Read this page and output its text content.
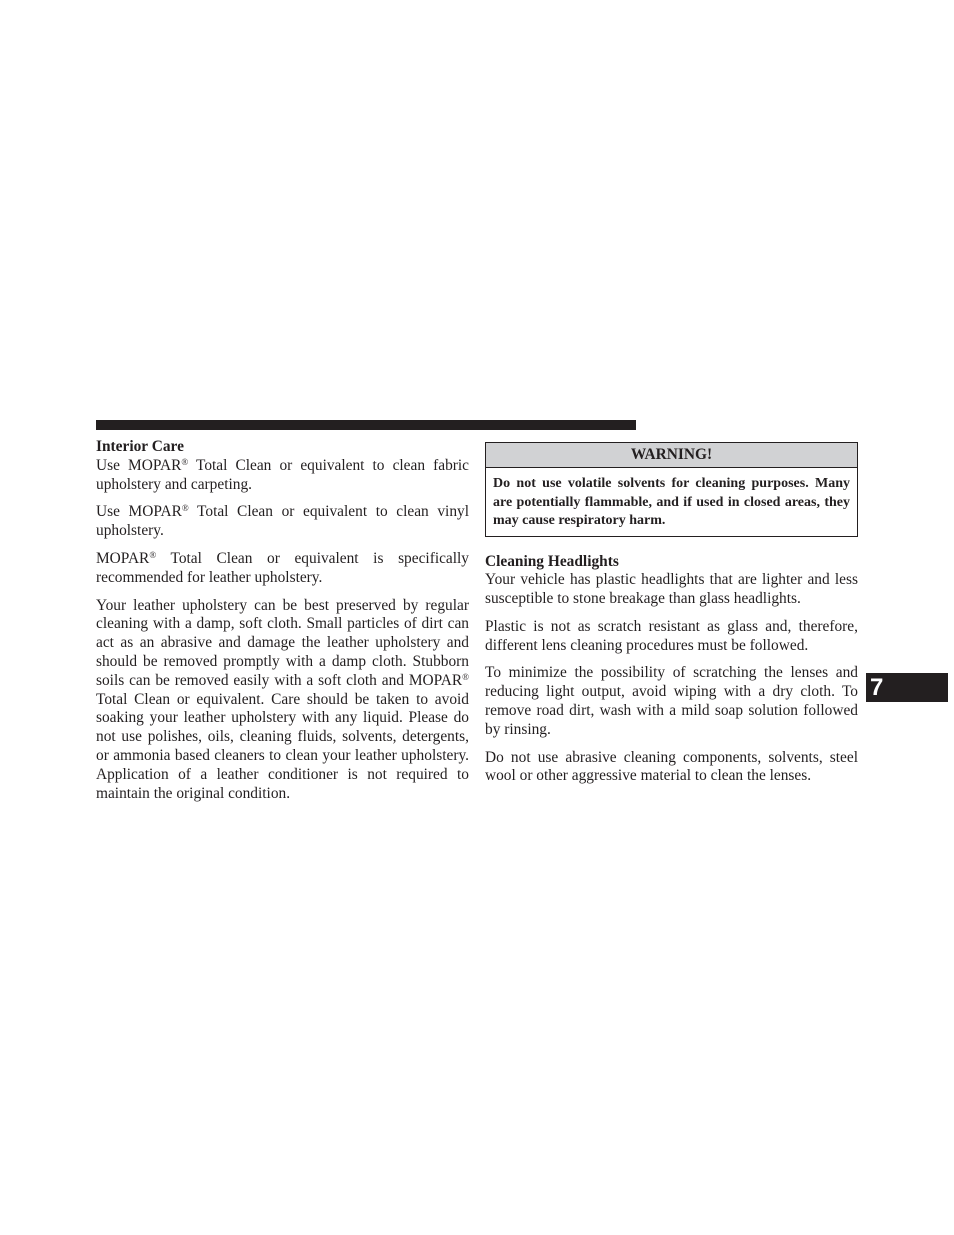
Interior Care

Use MOPAR® Total Clean or equivalent to clean fabric upholstery and carpeting.

Use MOPAR® Total Clean or equivalent to clean vinyl upholstery.

MOPAR® Total Clean or equivalent is specifically recommended for leather upholstery.

Your leather upholstery can be best preserved by regular cleaning with a damp, soft cloth. Small particles of dirt can act as an abrasive and damage the leather upholstery and should be removed promptly with a damp cloth. Stubborn soils can be removed easily with a soft cloth and MOPAR® Total Clean or equivalent. Care should be taken to avoid soaking your leather upholstery with any liquid. Please do not use polishes, oils, cleaning fluids, solvents, detergents, or ammonia based cleaners to clean your leather upholstery. Application of a leather conditioner is not required to maintain the original condition.

WARNING!
Do not use volatile solvents for cleaning purposes. Many are potentially flammable, and if used in closed areas, they may cause respiratory harm.
Cleaning Headlights

Your vehicle has plastic headlights that are lighter and less susceptible to stone breakage than glass headlights.

Plastic is not as scratch resistant as glass and, therefore, different lens cleaning procedures must be followed.

To minimize the possibility of scratching the lenses and reducing light output, avoid wiping with a dry cloth. To remove road dirt, wash with a mild soap solution followed by rinsing.

Do not use abrasive cleaning components, solvents, steel wool or other aggressive material to clean the lenses.

7
